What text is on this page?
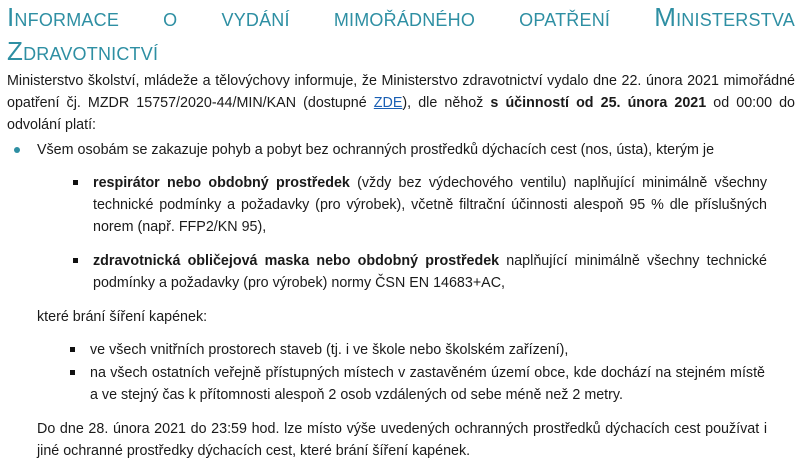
Informace o vydání mimořádného opatření Ministerstva
Zdravotnictví

Ministerstvo školství, mládeže a tělovýchovy informuje, že Ministerstvo zdravotnictví vydalo dne 22. února 2021 mimořádné opatření čj. MZDR 15757/2020-44/MIN/KAN (dostupné ZDE), dle něhož s účinností od 25. února 2021 od 00:00 do odvolání platí:

Všem osobám se zakazuje pohyb a pobyt bez ochranných prostředků dýchacích cest (nos, ústa), kterým je
respirátor nebo obdobný prostředek (vždy bez výdechového ventilu) naplňující minimálně všechny technické podmínky a požadavky (pro výrobek), včetně filtrační účinnosti alespoň 95 % dle příslušných norem (např. FFP2/KN 95),
zdravotnická obličejová maska nebo obdobný prostředek naplňující minimálně všechny technické podmínky a požadavky (pro výrobek) normy ČSN EN 14683+AC,

které brání šíření kapének:

ve všech vnitřních prostorech staveb (tj. i ve škole nebo školském zařízení),
na všech ostatních veřejně přístupných místech v zastavěném území obce, kde dochází na stejném místě a ve stejný čas k přítomnosti alespoň 2 osob vzdálených od sebe méně než 2 metry.

Do dne 28. února 2021 do 23:59 hod. lze místo výše uvedených ochranných prostředků dýchacích cest používat i jiné ochranné prostředky dýchacích cest, které brání šíření kapének.
